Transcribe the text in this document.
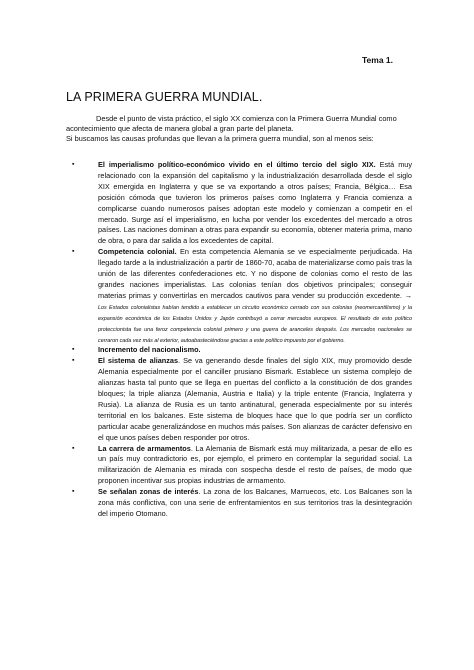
Tema 1.
LA PRIMERA GUERRA MUNDIAL.

Desde el punto de vista práctico, el siglo XX comienza con la Primera Guerra Mundial como acontecimiento que afecta de manera global a gran parte del planeta.

Si buscamos las causas profundas que llevan a la primera guerra mundial, son al menos seis:

▪	El imperialismo político-económico vivido en el último tercio del siglo XIX. Está muy relacionado con la expansión del capitalismo y la industrialización desarrollada desde el siglo XIX emergida en Inglaterra y que se va exportando a otros países; Francia, Bélgica… Esa posición cómoda que tuvieron los primeros países como Inglaterra y Francia comienza a complicarse cuando numerosos países adoptan este modelo y comienzan a competir en el mercado. Surge así el imperialismo, en lucha por vender los excedentes del mercado a otros países. Las naciones dominan a otras para expandir su economía, obtener materia prima, mano de obra, o para dar salida a los excedentes de capital.
▪	Competencia colonial. En esta competencia Alemania se ve especialmente perjudicada. Ha llegado tarde a la industrialización a partir de 1860-70, acaba de materializarse como país tras la unión de las diferentes confederaciones etc. Y no dispone de colonias como el resto de las grandes naciones imperialistas. Las colonias tenían dos objetivos principales; conseguir materias primas y convertirlas en mercados cautivos para vender su producción excedente. → Los Estados colonialistas habían tendido a establecer un circuito económico cerrado con sus colonias (neomercantilismo) y la expansión económica de los Estados Unidos y Japón contribuyó a cerrar mercados europeos. El resultado de esto político proteccionista fue una feroz competencia colonial primero y una guerra de aranceles después. Los mercados nacionales se cerraron cada vez más al exterior, autoabasteciéndose gracias a este político impuesto por el gobierno.
▪	Incremento del nacionalismo.
▪	El sistema de alianzas. Se va generando desde finales del siglo XIX, muy promovido desde Alemania especialmente por el canciller prusiano Bismark. Establece un sistema complejo de alianzas hasta tal punto que se llega en puertas del conflicto a la constitución de dos grandes bloques; la triple alianza (Alemania, Austria e Italia) y la triple entente (Francia, Inglaterra y Rusia). La alianza de Rusia es un tanto antinatural, generada especialmente por su interés territorial en los balcanes. Este sistema de bloques hace que lo que podría ser un conflicto particular acabe generalizándose en muchos más países. Son alianzas de carácter defensivo en el que unos países deben responder por otros.
▪	La carrera de armamentos. La Alemania de Bismark está muy militarizada, a pesar de ello es un país muy contradictorio es, por ejemplo, el primero en contemplar la seguridad social. La militarización de Alemania es mirada con sospecha desde el resto de países, de modo que proponen incentivar sus propias industrias de armamento.
▪	Se señalan zonas de interés. La zona de los Balcanes, Marruecos, etc. Los Balcanes son la zona más conflictiva, con una serie de enfrentamientos en sus territorios tras la desintegración del imperio Otomano.
